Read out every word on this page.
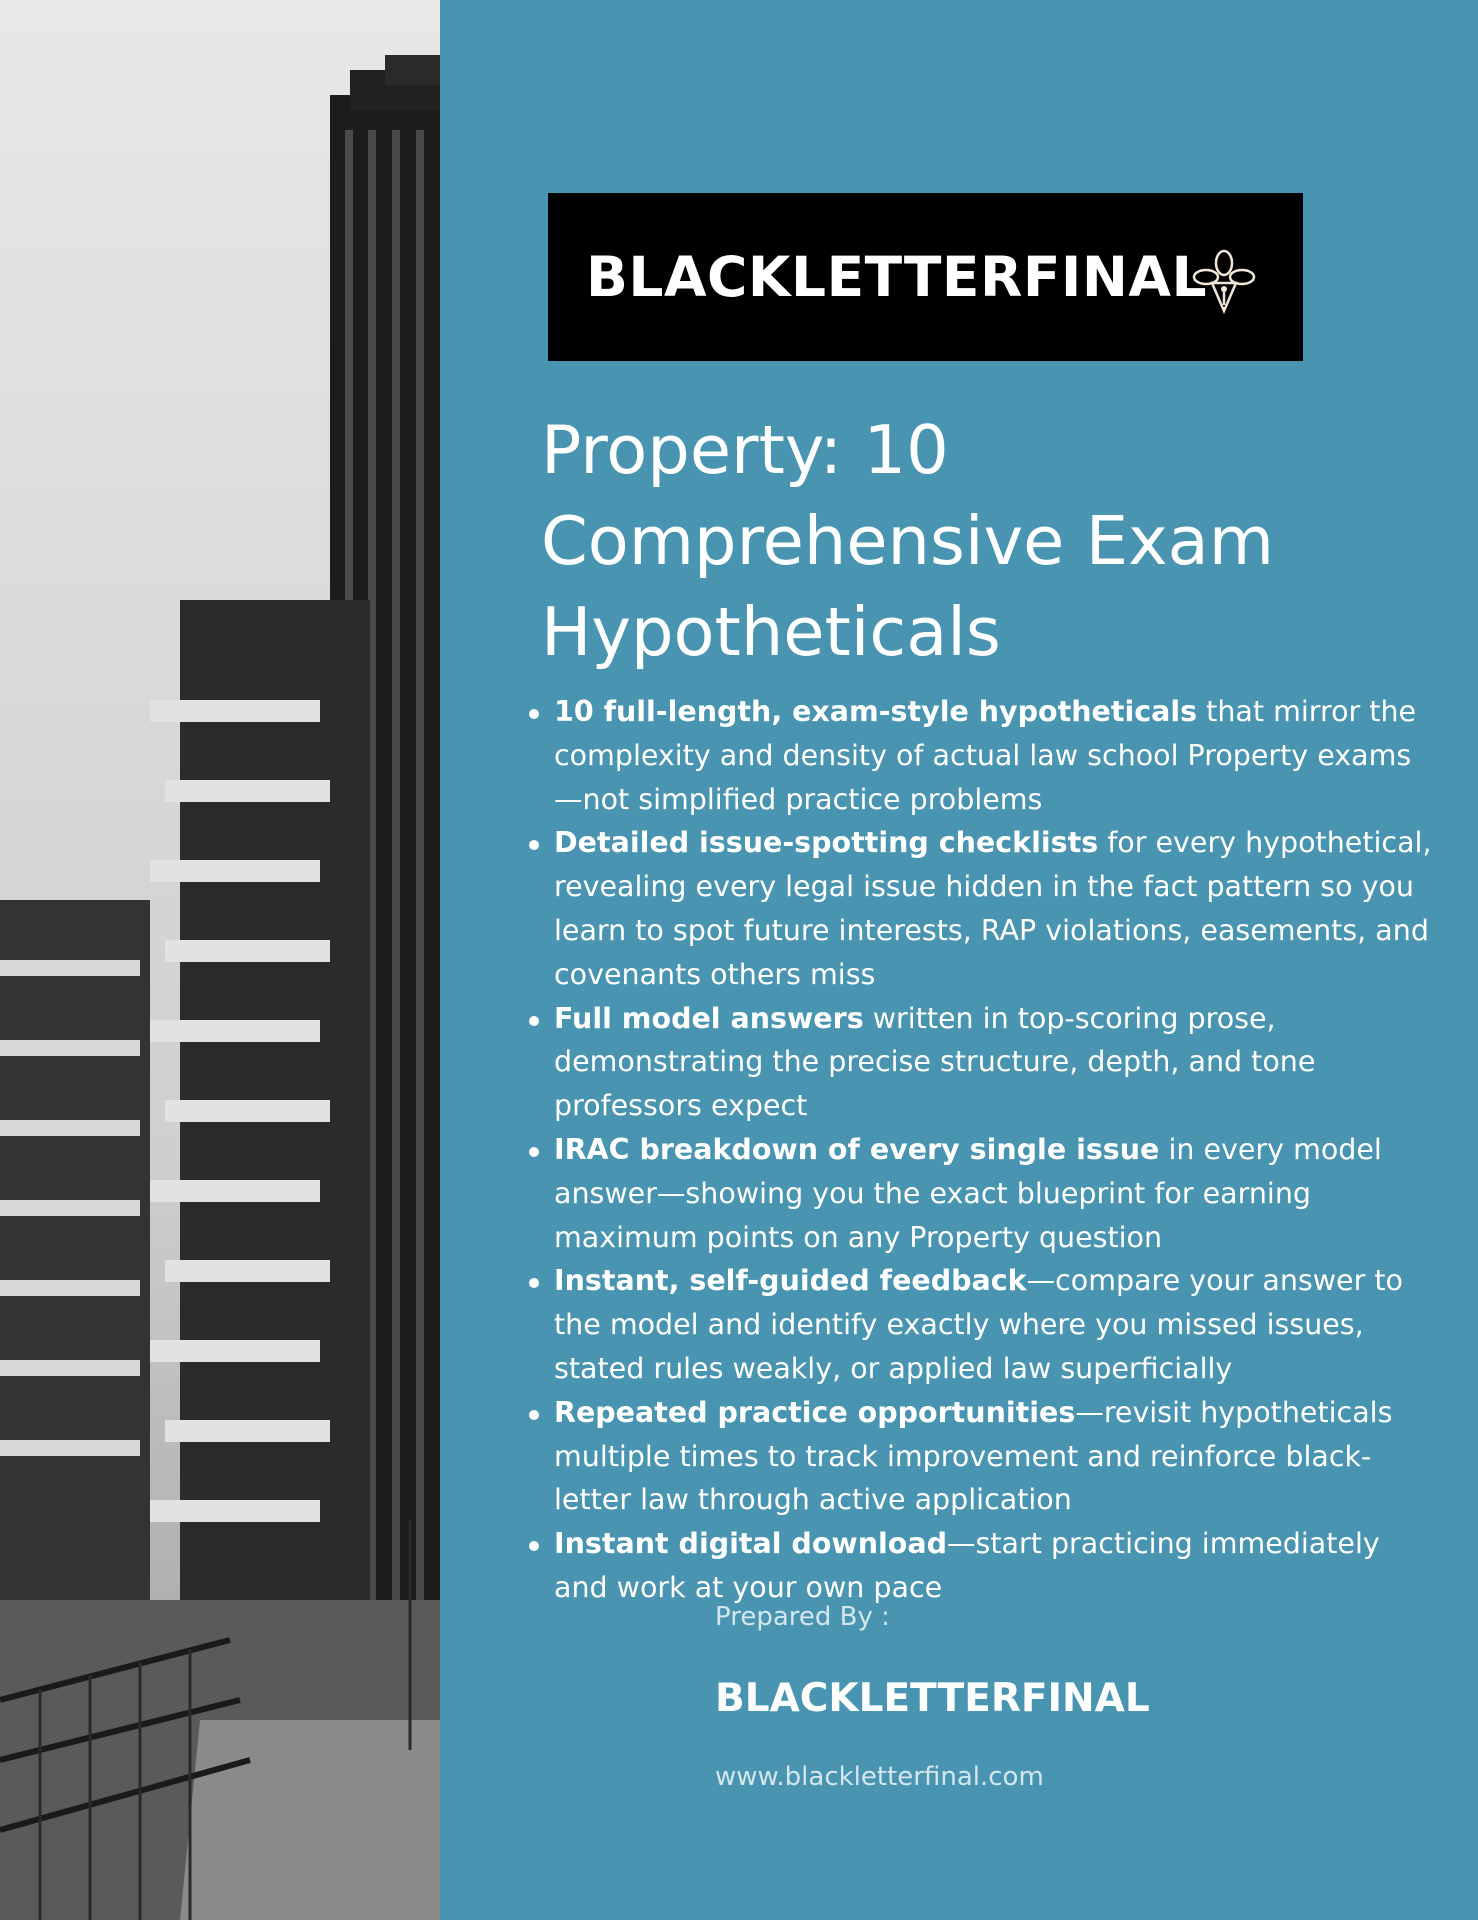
BLACKLETTERFINAL
Property: 10 Comprehensive Exam Hypotheticals
10 full-length, exam-style hypotheticals that mirror the complexity and density of actual law school Property exams—not simplified practice problems
Detailed issue-spotting checklists for every hypothetical, revealing every legal issue hidden in the fact pattern so you learn to spot future interests, RAP violations, easements, and covenants others miss
Full model answers written in top-scoring prose, demonstrating the precise structure, depth, and tone professors expect
IRAC breakdown of every single issue in every model answer—showing you the exact blueprint for earning maximum points on any Property question
Instant, self-guided feedback—compare your answer to the model and identify exactly where you missed issues, stated rules weakly, or applied law superficially
Repeated practice opportunities—revisit hypotheticals multiple times to track improvement and reinforce black-letter law through active application
Instant digital download—start practicing immediately and work at your own pace
Prepared By :
BLACKLETTERFINAL
www.blackletterfinal.com
